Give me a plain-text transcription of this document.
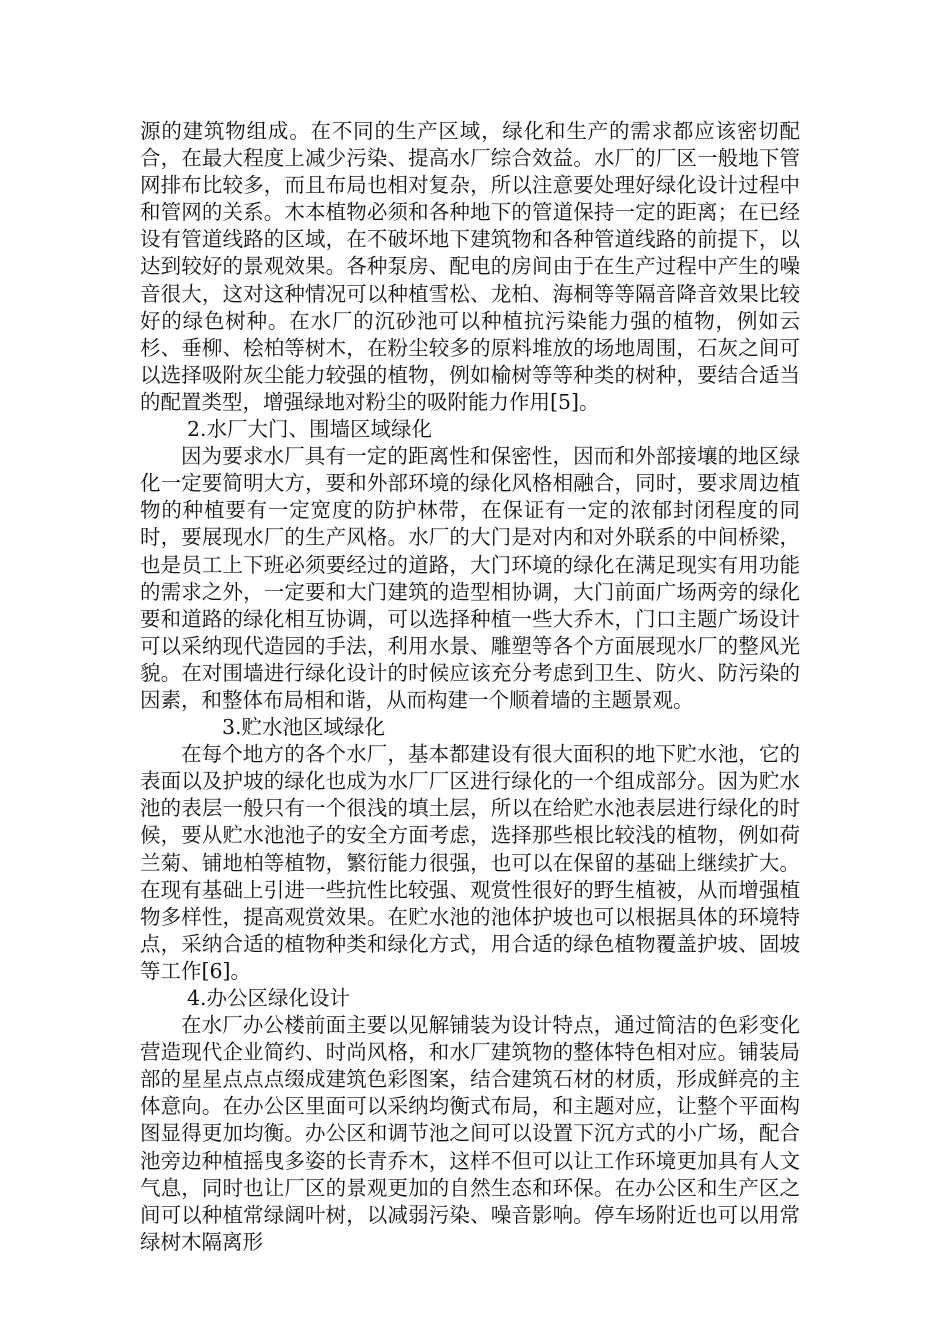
源的建筑物组成。在不同的生产区域，绿化和生产的需求都应该密切配合，在最大程度上减少污染、提高水厂综合效益。水厂的厂区一般地下管网排布比较多，而且布局也相对复杂，所以注意要处理好绿化设计过程中和管网的关系。木本植物必须和各种地下的管道保持一定的距离；在已经设有管道线路的区域，在不破坏地下建筑物和各种管道线路的前提下，以达到较好的景观效果。各种泵房、配电的房间由于在生产过程中产生的噪音很大，这对这种情况可以种植雪松、龙柏、海桐等等隔音降音效果比较好的绿色树种。在水厂的沉砂池可以种植抗污染能力强的植物，例如云杉、垂柳、桧柏等树木，在粉尘较多的原料堆放的场地周围，石灰之间可以选择吸附灰尘能力较强的植物，例如榆树等等种类的树种，要结合适当的配置类型，增强绿地对粉尘的吸附能力作用[5]。

2.水厂大门、围墙区域绿化

因为要求水厂具有一定的距离性和保密性，因而和外部接壤的地区绿化一定要简明大方，要和外部环境的绿化风格相融合，同时，要求周边植物的种植要有一定宽度的防护林带，在保证有一定的浓郁封闭程度的同时，要展现水厂的生产风格。水厂的大门是对内和对外联系的中间桥梁，也是员工上下班必须要经过的道路，大门环境的绿化在满足现实有用功能的需求之外，一定要和大门建筑的造型相协调，大门前面广场两旁的绿化要和道路的绿化相互协调，可以选择种植一些大乔木，门口主题广场设计可以采纳现代造园的手法，利用水景、雕塑等各个方面展现水厂的整风光貌。在对围墙进行绿化设计的时候应该充分考虑到卫生、防火、防污染的因素，和整体布局相和谐，从而构建一个顺着墙的主题景观。

3.贮水池区域绿化

在每个地方的各个水厂，基本都建设有很大面积的地下贮水池，它的表面以及护坡的绿化也成为水厂厂区进行绿化的一个组成部分。因为贮水池的表层一般只有一个很浅的填土层，所以在给贮水池表层进行绿化的时候，要从贮水池池子的安全方面考虑，选择那些根比较浅的植物，例如荷兰菊、铺地柏等植物，繁衍能力很强，也可以在保留的基础上继续扩大。在现有基础上引进一些抗性比较强、观赏性很好的野生植被，从而增强植物多样性，提高观赏效果。在贮水池的池体护坡也可以根据具体的环境特点，采纳合适的植物种类和绿化方式，用合适的绿色植物覆盖护坡、固坡等工作[6]。

4.办公区绿化设计

在水厂办公楼前面主要以见解铺装为设计特点，通过简洁的色彩变化营造现代企业简约、时尚风格，和水厂建筑物的整体特色相对应。铺装局部的星星点点点缀成建筑色彩图案，结合建筑石材的材质，形成鲜亮的主体意向。在办公区里面可以采纳均衡式布局，和主题对应，让整个平面构图显得更加均衡。办公区和调节池之间可以设置下沉方式的小广场，配合池旁边种植摇曳多姿的长青乔木，这样不但可以让工作环境更加具有人文气息，同时也让厂区的景观更加的自然生态和环保。在办公区和生产区之间可以种植常绿阔叶树，以减弱污染、噪音影响。停车场附近也可以用常绿树木隔离形
